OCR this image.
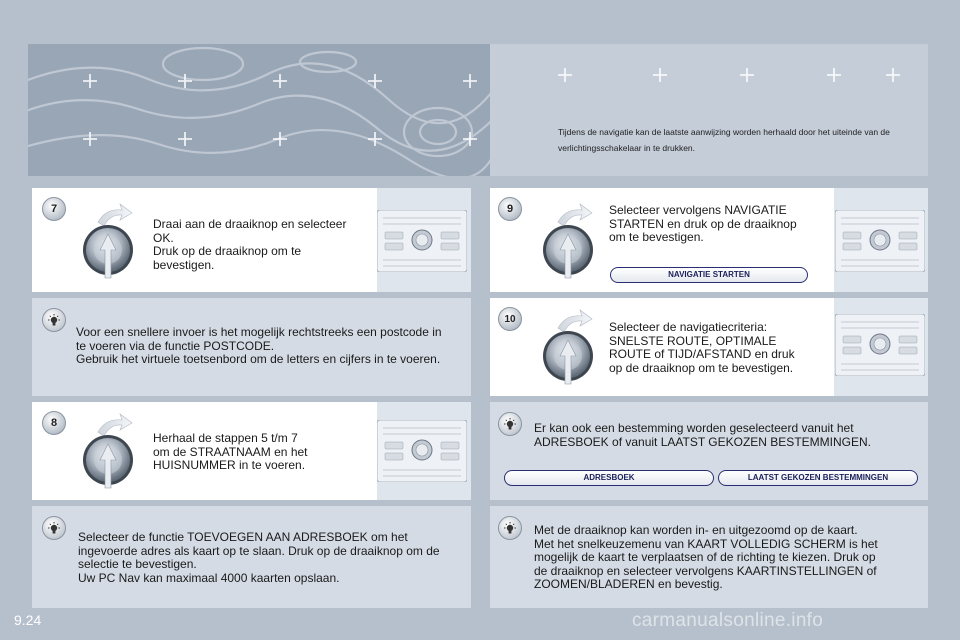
Tijdens de navigatie kan de laatste aanwijzing worden herhaald door het uiteinde van de verlichtingsschakelaar in te drukken.

7
Draai aan de draaiknop en selecteer
OK.
Druk op de draaiknop om te
bevestigen.
Voor een snellere invoer is het mogelijk rechtstreeks een postcode in
te voeren via de functie POSTCODE.
Gebruik het virtuele toetsenbord om de letters en cijfers in te voeren.
8
Herhaal de stappen 5 t/m 7
om de STRAATNAAM en het
HUISNUMMER in te voeren.
Selecteer de functie TOEVOEGEN AAN ADRESBOEK om het
ingevoerde adres als kaart op te slaan. Druk op de draaiknop om de
selectie te bevestigen.
Uw PC Nav kan maximaal 4000 kaarten opslaan.
9	Selecteer vervolgens NAVIGATIE
STARTEN en druk op de draaiknop
om te bevestigen.
NAVIGATIE STARTEN
10
Selecteer de navigatiecriteria:
SNELSTE ROUTE, OPTIMALE
ROUTE of TIJD/AFSTAND en druk
op de draaiknop om te bevestigen.
Er kan ook een bestemming worden geselecteerd vanuit het
ADRESBOEK of vanuit LAATST GEKOZEN BESTEMMINGEN.
ADRESBOEK	LAATST GEKOZEN BESTEMMINGEN
Met de draaiknop kan worden in- en uitgezoomd op de kaart.
Met het snelkeuzemenu van KAART VOLLEDIG SCHERM is het
mogelijk de kaart te verplaatsen of de richting te kiezen. Druk op
de draaiknop en selecteer vervolgens KAARTINSTELLINGEN of
ZOOMEN/BLADEREN en bevestig.
9.24	carmanualsonline.info
